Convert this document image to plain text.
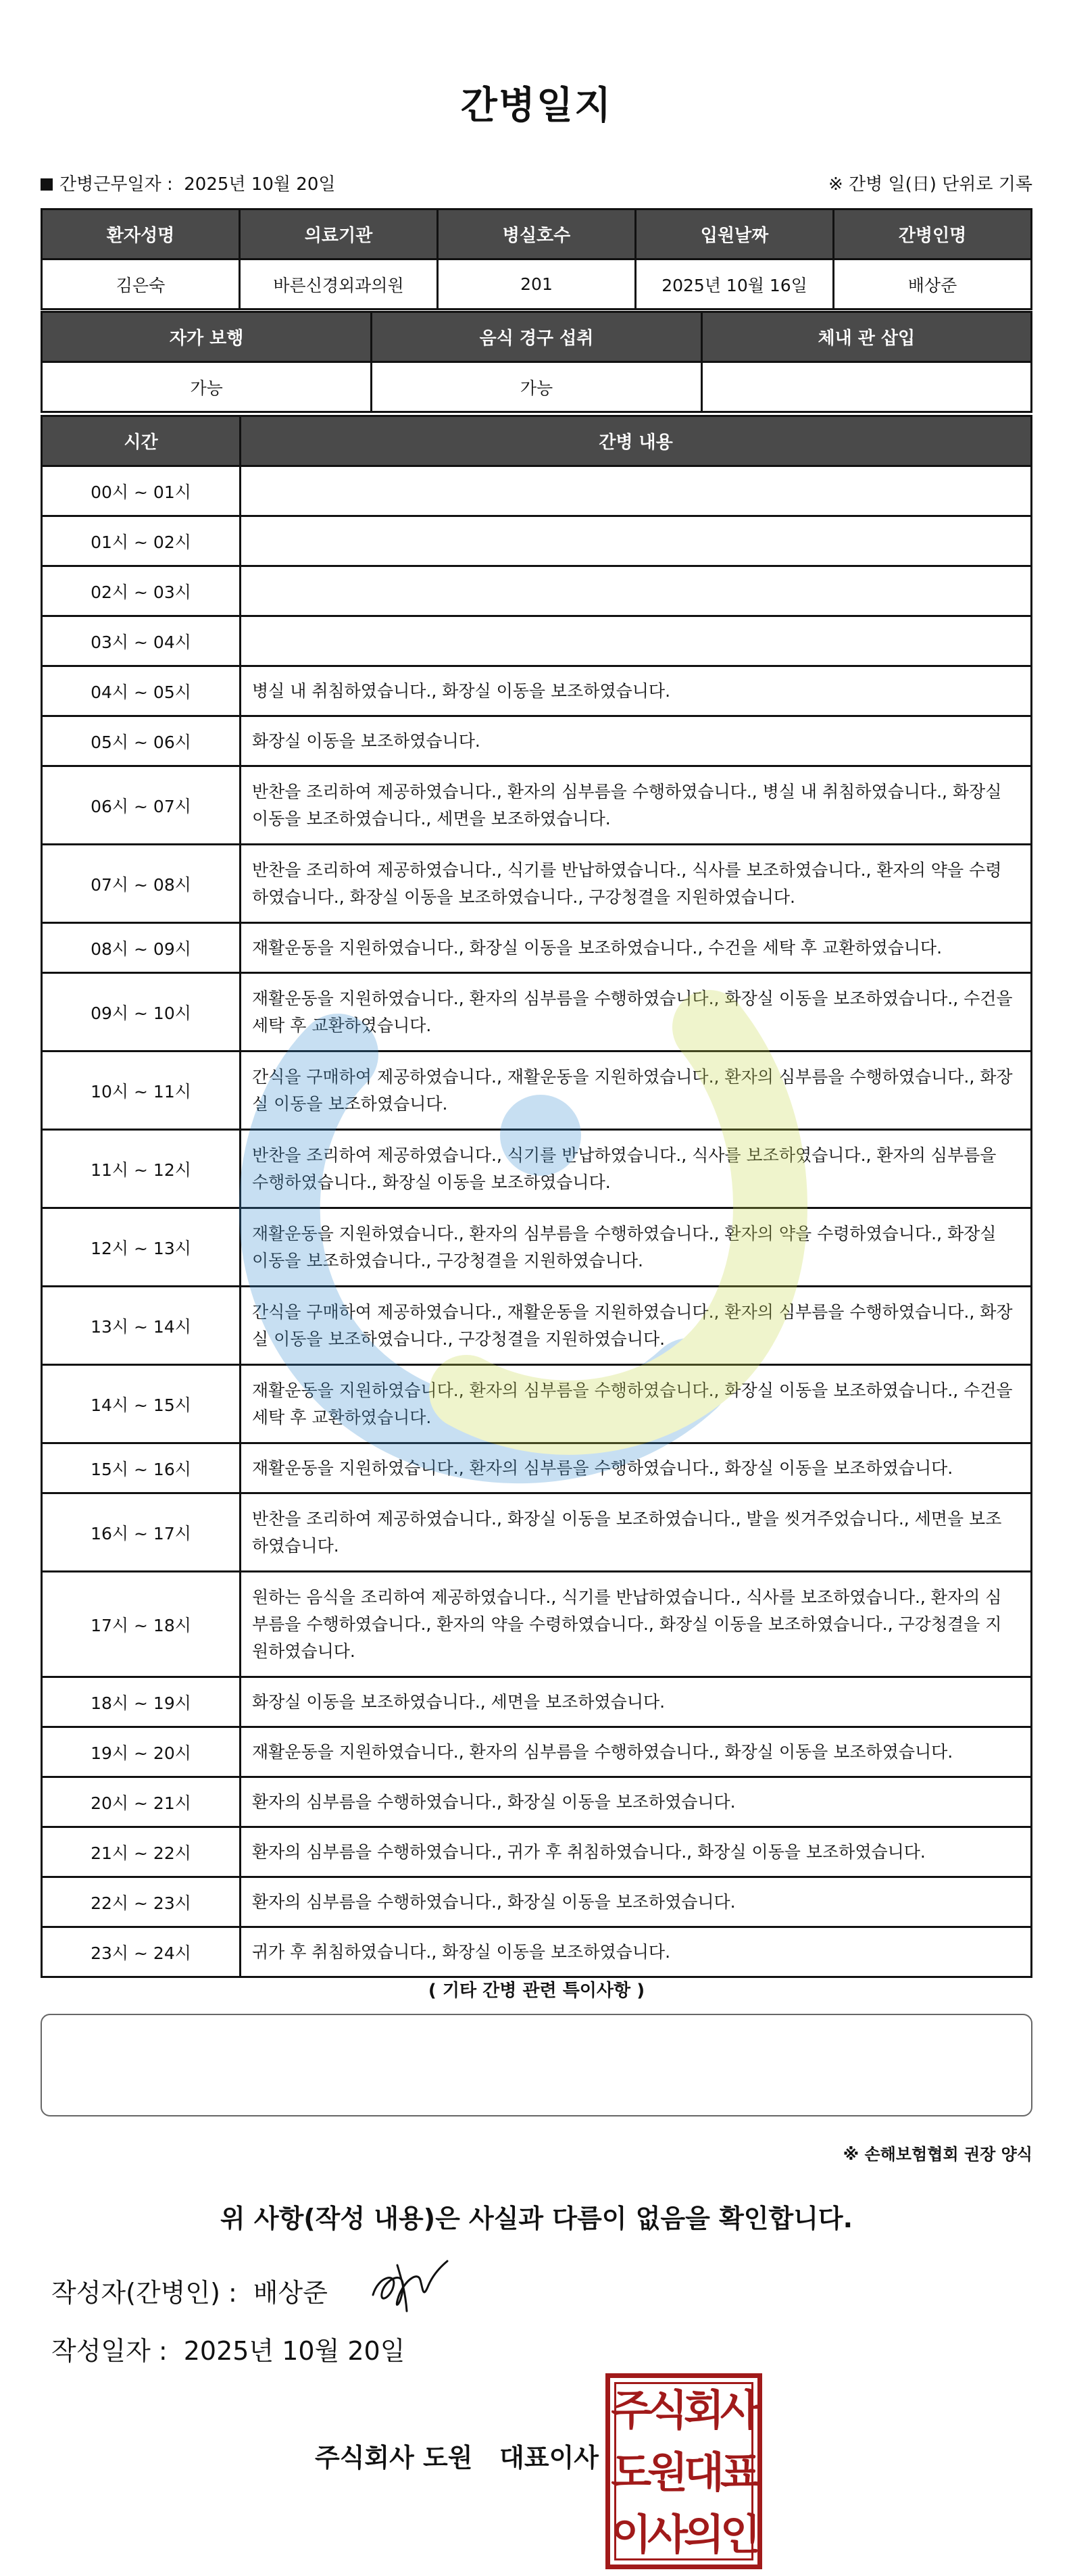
간병일지
간병근무일자 : 2025년 10월 20일	※ 간병 일(日) 단위로 기록
환자성명	의료기관	병실호수	입원날짜	간병인명
김은숙	바른신경외과의원	201	2025년 10월 16일	배상준
자가 보행	음식 경구 섭취	체내 관 삽입
가능	가능	
시간	간병 내용
00시 ~ 01시	
01시 ~ 02시	
02시 ~ 03시	
03시 ~ 04시	
04시 ~ 05시	병실 내 취침하였습니다., 화장실 이동을 보조하였습니다.
05시 ~ 06시	화장실 이동을 보조하였습니다.
06시 ~ 07시	반찬을 조리하여 제공하였습니다., 환자의 심부름을 수행하였습니다., 병실 내 취침하였습니다., 화장실 이동을 보조하였습니다., 세면을 보조하였습니다.
07시 ~ 08시	반찬을 조리하여 제공하였습니다., 식기를 반납하였습니다., 식사를 보조하였습니다., 환자의 약을 수령하였습니다., 화장실 이동을 보조하였습니다., 구강청결을 지원하였습니다.
08시 ~ 09시	재활운동을 지원하였습니다., 화장실 이동을 보조하였습니다., 수건을 세탁 후 교환하였습니다.
09시 ~ 10시	재활운동을 지원하였습니다., 환자의 심부름을 수행하였습니다., 화장실 이동을 보조하였습니다., 수건을 세탁 후 교환하였습니다.
10시 ~ 11시	간식을 구매하여 제공하였습니다., 재활운동을 지원하였습니다., 환자의 심부름을 수행하였습니다., 화장실 이동을 보조하였습니다.
11시 ~ 12시	반찬을 조리하여 제공하였습니다., 식기를 반납하였습니다., 식사를 보조하였습니다., 환자의 심부름을 수행하였습니다., 화장실 이동을 보조하였습니다.
12시 ~ 13시	재활운동을 지원하였습니다., 환자의 심부름을 수행하였습니다., 환자의 약을 수령하였습니다., 화장실 이동을 보조하였습니다., 구강청결을 지원하였습니다.
13시 ~ 14시	간식을 구매하여 제공하였습니다., 재활운동을 지원하였습니다., 환자의 심부름을 수행하였습니다., 화장실 이동을 보조하였습니다., 구강청결을 지원하였습니다.
14시 ~ 15시	재활운동을 지원하였습니다., 환자의 심부름을 수행하였습니다., 화장실 이동을 보조하였습니다., 수건을 세탁 후 교환하였습니다.
15시 ~ 16시	재활운동을 지원하였습니다., 환자의 심부름을 수행하였습니다., 화장실 이동을 보조하였습니다.
16시 ~ 17시	반찬을 조리하여 제공하였습니다., 화장실 이동을 보조하였습니다., 발을 씻겨주었습니다., 세면을 보조하였습니다.
17시 ~ 18시	원하는 음식을 조리하여 제공하였습니다., 식기를 반납하였습니다., 식사를 보조하였습니다., 환자의 심부름을 수행하였습니다., 환자의 약을 수령하였습니다., 화장실 이동을 보조하였습니다., 구강청결을 지원하였습니다.
18시 ~ 19시	화장실 이동을 보조하였습니다., 세면을 보조하였습니다.
19시 ~ 20시	재활운동을 지원하였습니다., 환자의 심부름을 수행하였습니다., 화장실 이동을 보조하였습니다.
20시 ~ 21시	환자의 심부름을 수행하였습니다., 화장실 이동을 보조하였습니다.
21시 ~ 22시	환자의 심부름을 수행하였습니다., 귀가 후 취침하였습니다., 화장실 이동을 보조하였습니다.
22시 ~ 23시	환자의 심부름을 수행하였습니다., 화장실 이동을 보조하였습니다.
23시 ~ 24시	귀가 후 취침하였습니다., 화장실 이동을 보조하였습니다.
( 기타 간병 관련 특이사항 )
※ 손해보험협회 권장 양식
위 사항(작성 내용)은 사실과 다름이 없음을 확인합니다.
작성자(간병인) : 배상준
작성일자 : 2025년 10월 20일
주식회사 도원   대표이사
주식회사
도원대표
이사의인
